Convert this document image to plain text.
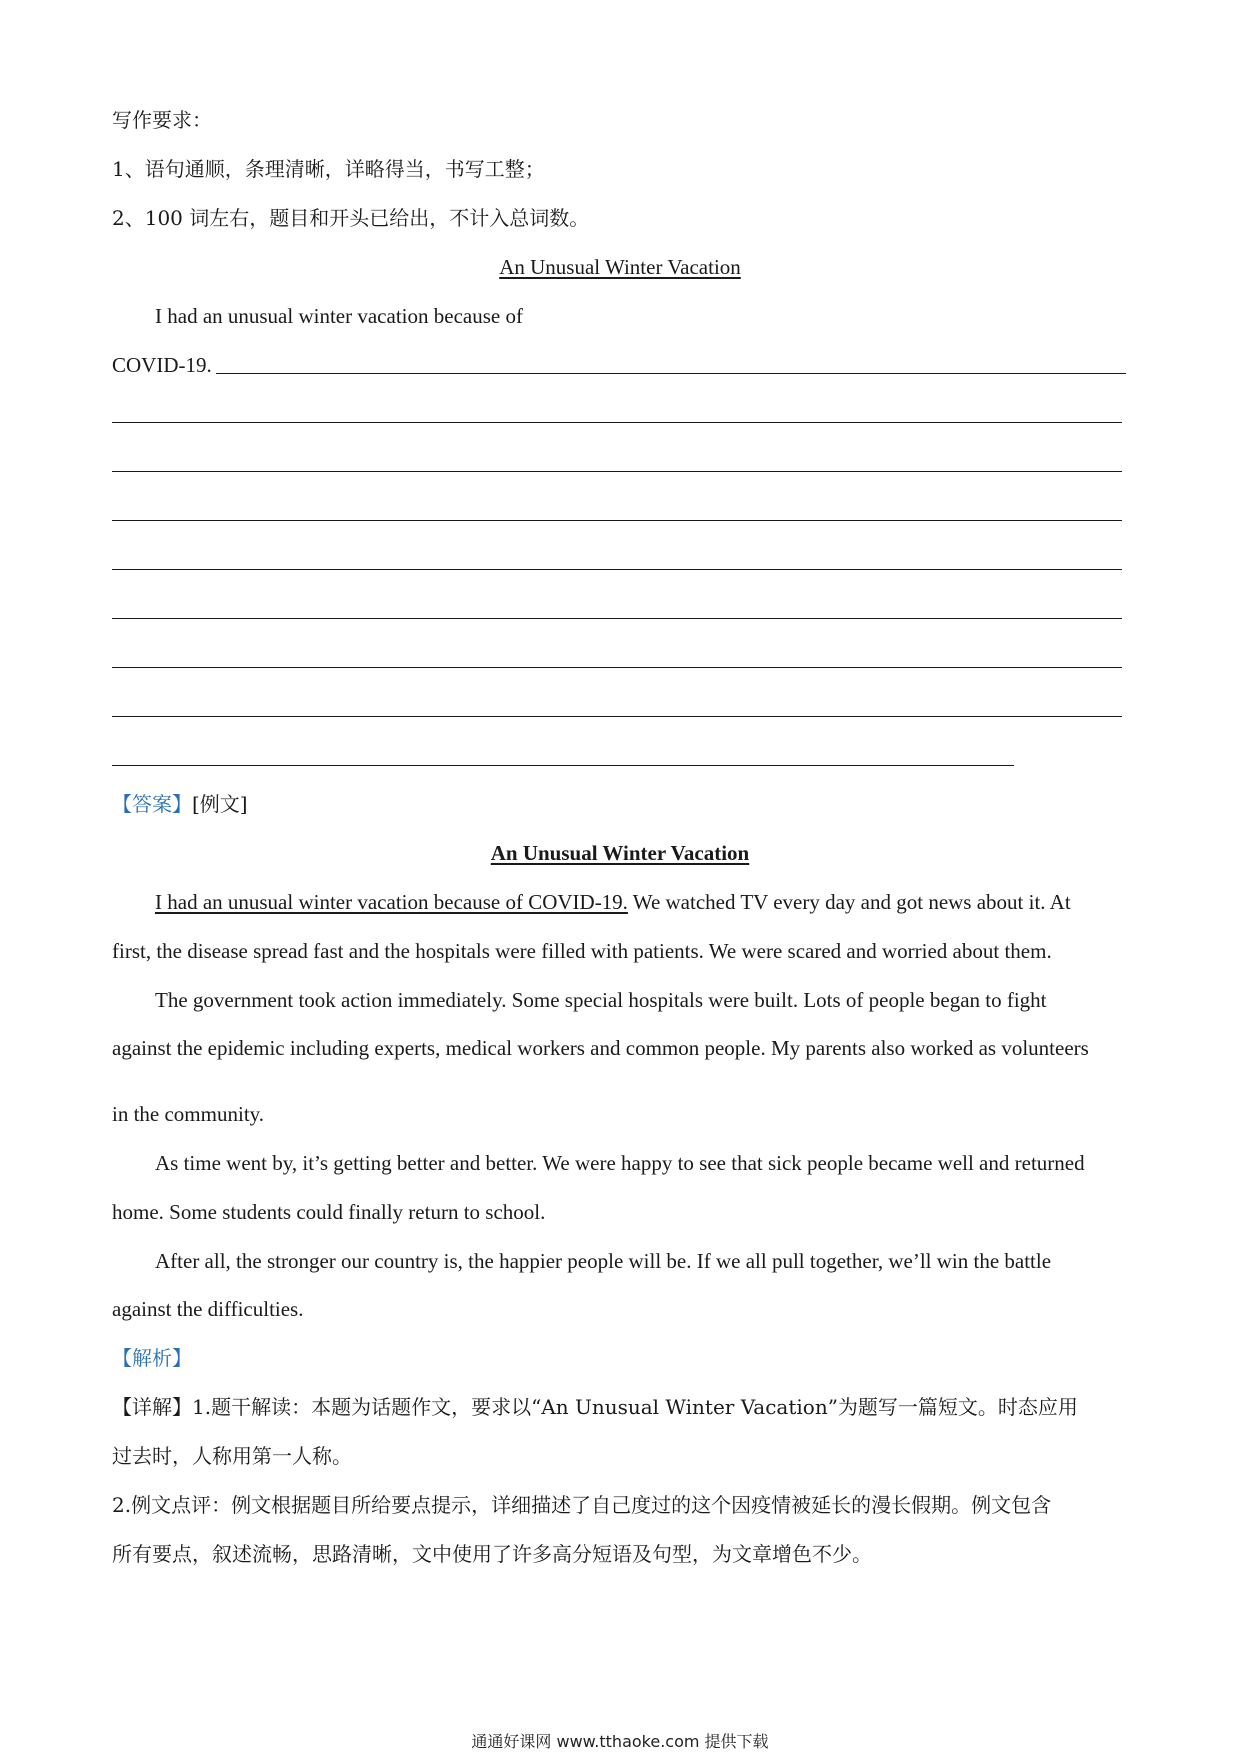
写作要求：
1、语句通顺，条理清晰，详略得当，书写工整；
2、100 词左右，题目和开头已给出，不计入总词数。
An Unusual Winter Vacation
I had an unusual winter vacation because of
COVID-19.
【答案】[例文]
An Unusual Winter Vacation
I had an unusual winter vacation because of COVID-19. We watched TV every day and got news about it. At
first, the disease spread fast and the hospitals were filled with patients. We were scared and worried about them.
The government took action immediately. Some special hospitals were built. Lots of people began to fight
against the epidemic including experts, medical workers and common people. My parents also worked as volunteers
in the community.
As time went by, it’s getting better and better. We were happy to see that sick people became well and returned
home. Some students could finally return to school.
After all, the stronger our country is, the happier people will be. If we all pull together, we’ll win the battle
against the difficulties.
【解析】
【详解】1.题干解读：本题为话题作文，要求以“An Unusual Winter Vacation”为题写一篇短文。时态应用
过去时，人称用第一人称。
2.例文点评：例文根据题目所给要点提示，详细描述了自己度过的这个因疫情被延长的漫长假期。例文包含
所有要点，叙述流畅，思路清晰，文中使用了许多高分短语及句型，为文章增色不少。
通通好课网 www.tthaoke.com 提供下载
